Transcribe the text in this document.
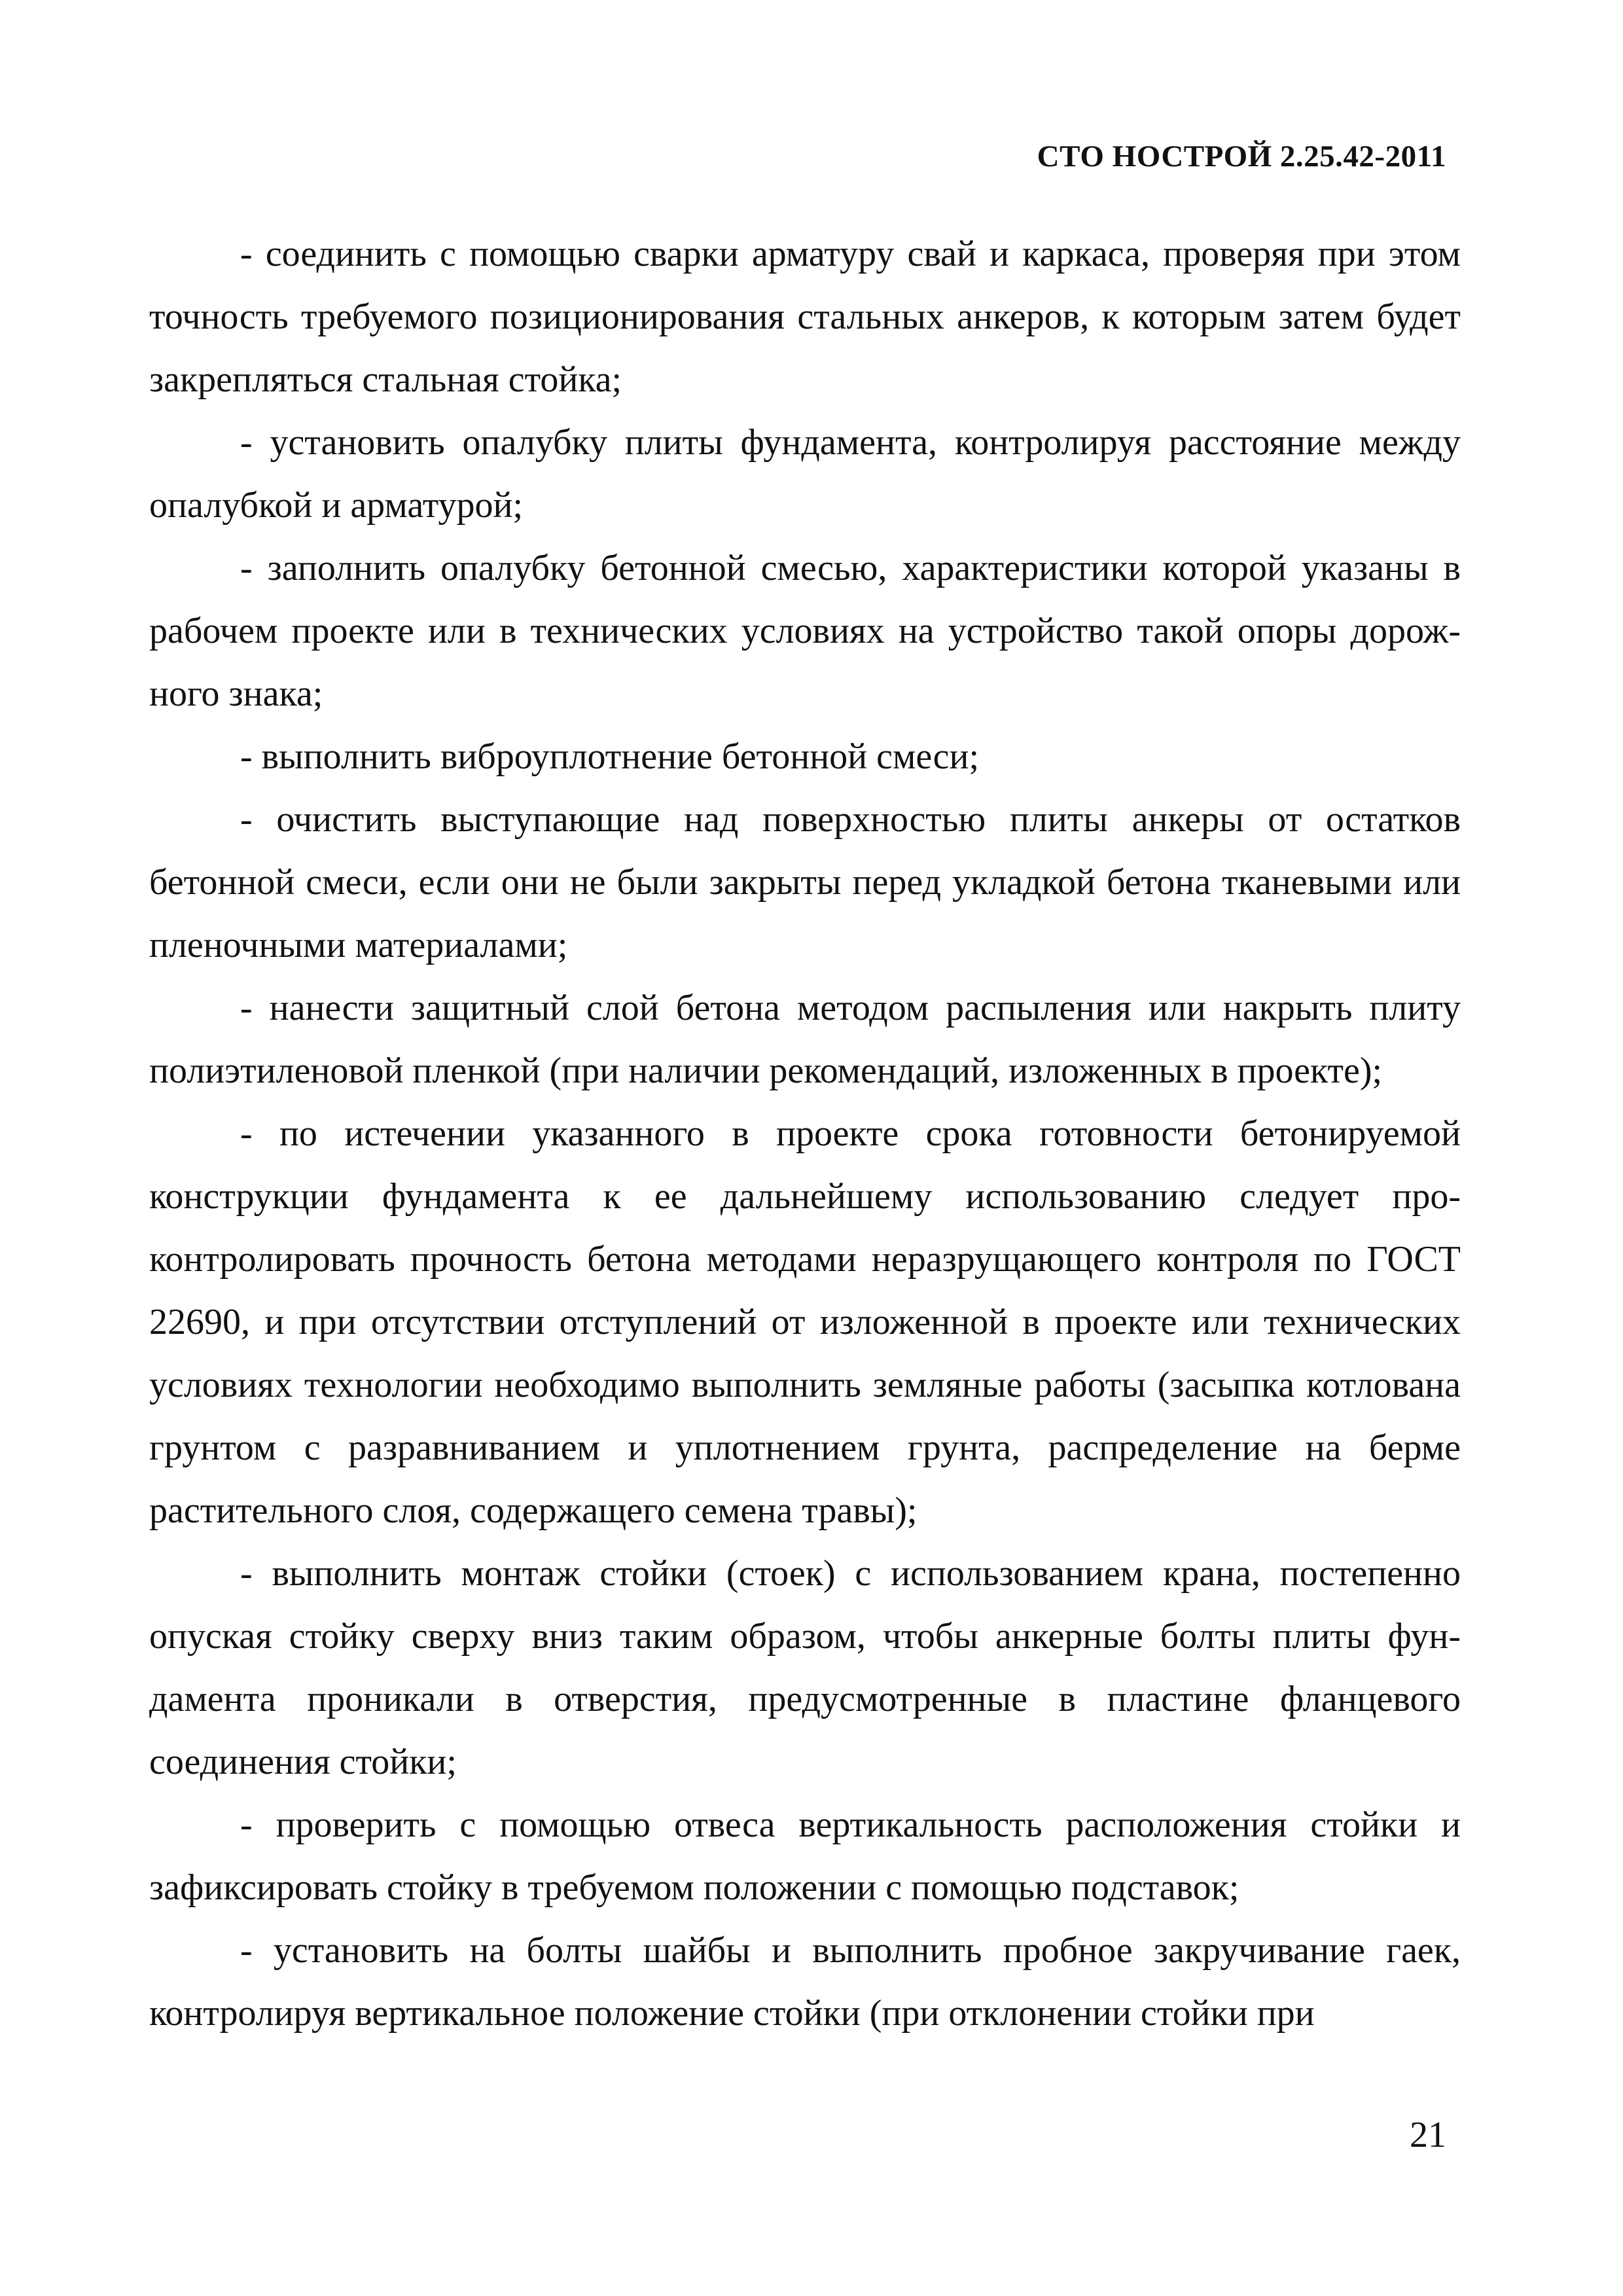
СТО НОСТРОЙ 2.25.42-2011

- соединить с помощью сварки арматуру свай и каркаса, проверяя при этом точность требуемого позиционирования стальных анкеров, к которым затем будет закрепляться стальная стойка;

- установить опалубку плиты фундамента, контролируя расстояние между опалубкой и арматурой;

- заполнить опалубку бетонной смесью, характеристики которой указаны в рабочем проекте или в технических условиях на устройство такой опоры дорожного знака;

- выполнить виброуплотнение бетонной смеси;

- очистить выступающие над поверхностью плиты анкеры от остатков бетонной смеси, если они не были закрыты перед укладкой бетона тканевыми или пленочными материалами;

- нанести защитный слой бетона методом распыления или накрыть плиту полиэтиленовой пленкой (при наличии рекомендаций, изложенных в проекте);

- по истечении указанного в проекте срока готовности бетонируемой конструкции фундамента к ее дальнейшему использованию следует проконтролировать прочность бетона методами неразрущающего контроля по ГОСТ 22690, и при отсутствии отступлений от изложенной в проекте или технических условиях технологии необходимо выполнить земляные работы (засыпка котлована грунтом с разравниванием и уплотнением грунта, распределение на берме растительного слоя, содержащего семена травы);

- выполнить монтаж стойки (стоек) с использованием крана, постепенно опуская стойку сверху вниз таким образом, чтобы анкерные болты плиты фундамента проникали в отверстия, предусмотренные в пластине фланцевого соединения стойки;

- проверить с помощью отвеса вертикальность расположения стойки и зафиксировать стойку в требуемом положении с помощью подставок;

- установить на болты шайбы и выполнить пробное закручивание гаек, контролируя вертикальное положение стойки (при отклонении стойки при

21
